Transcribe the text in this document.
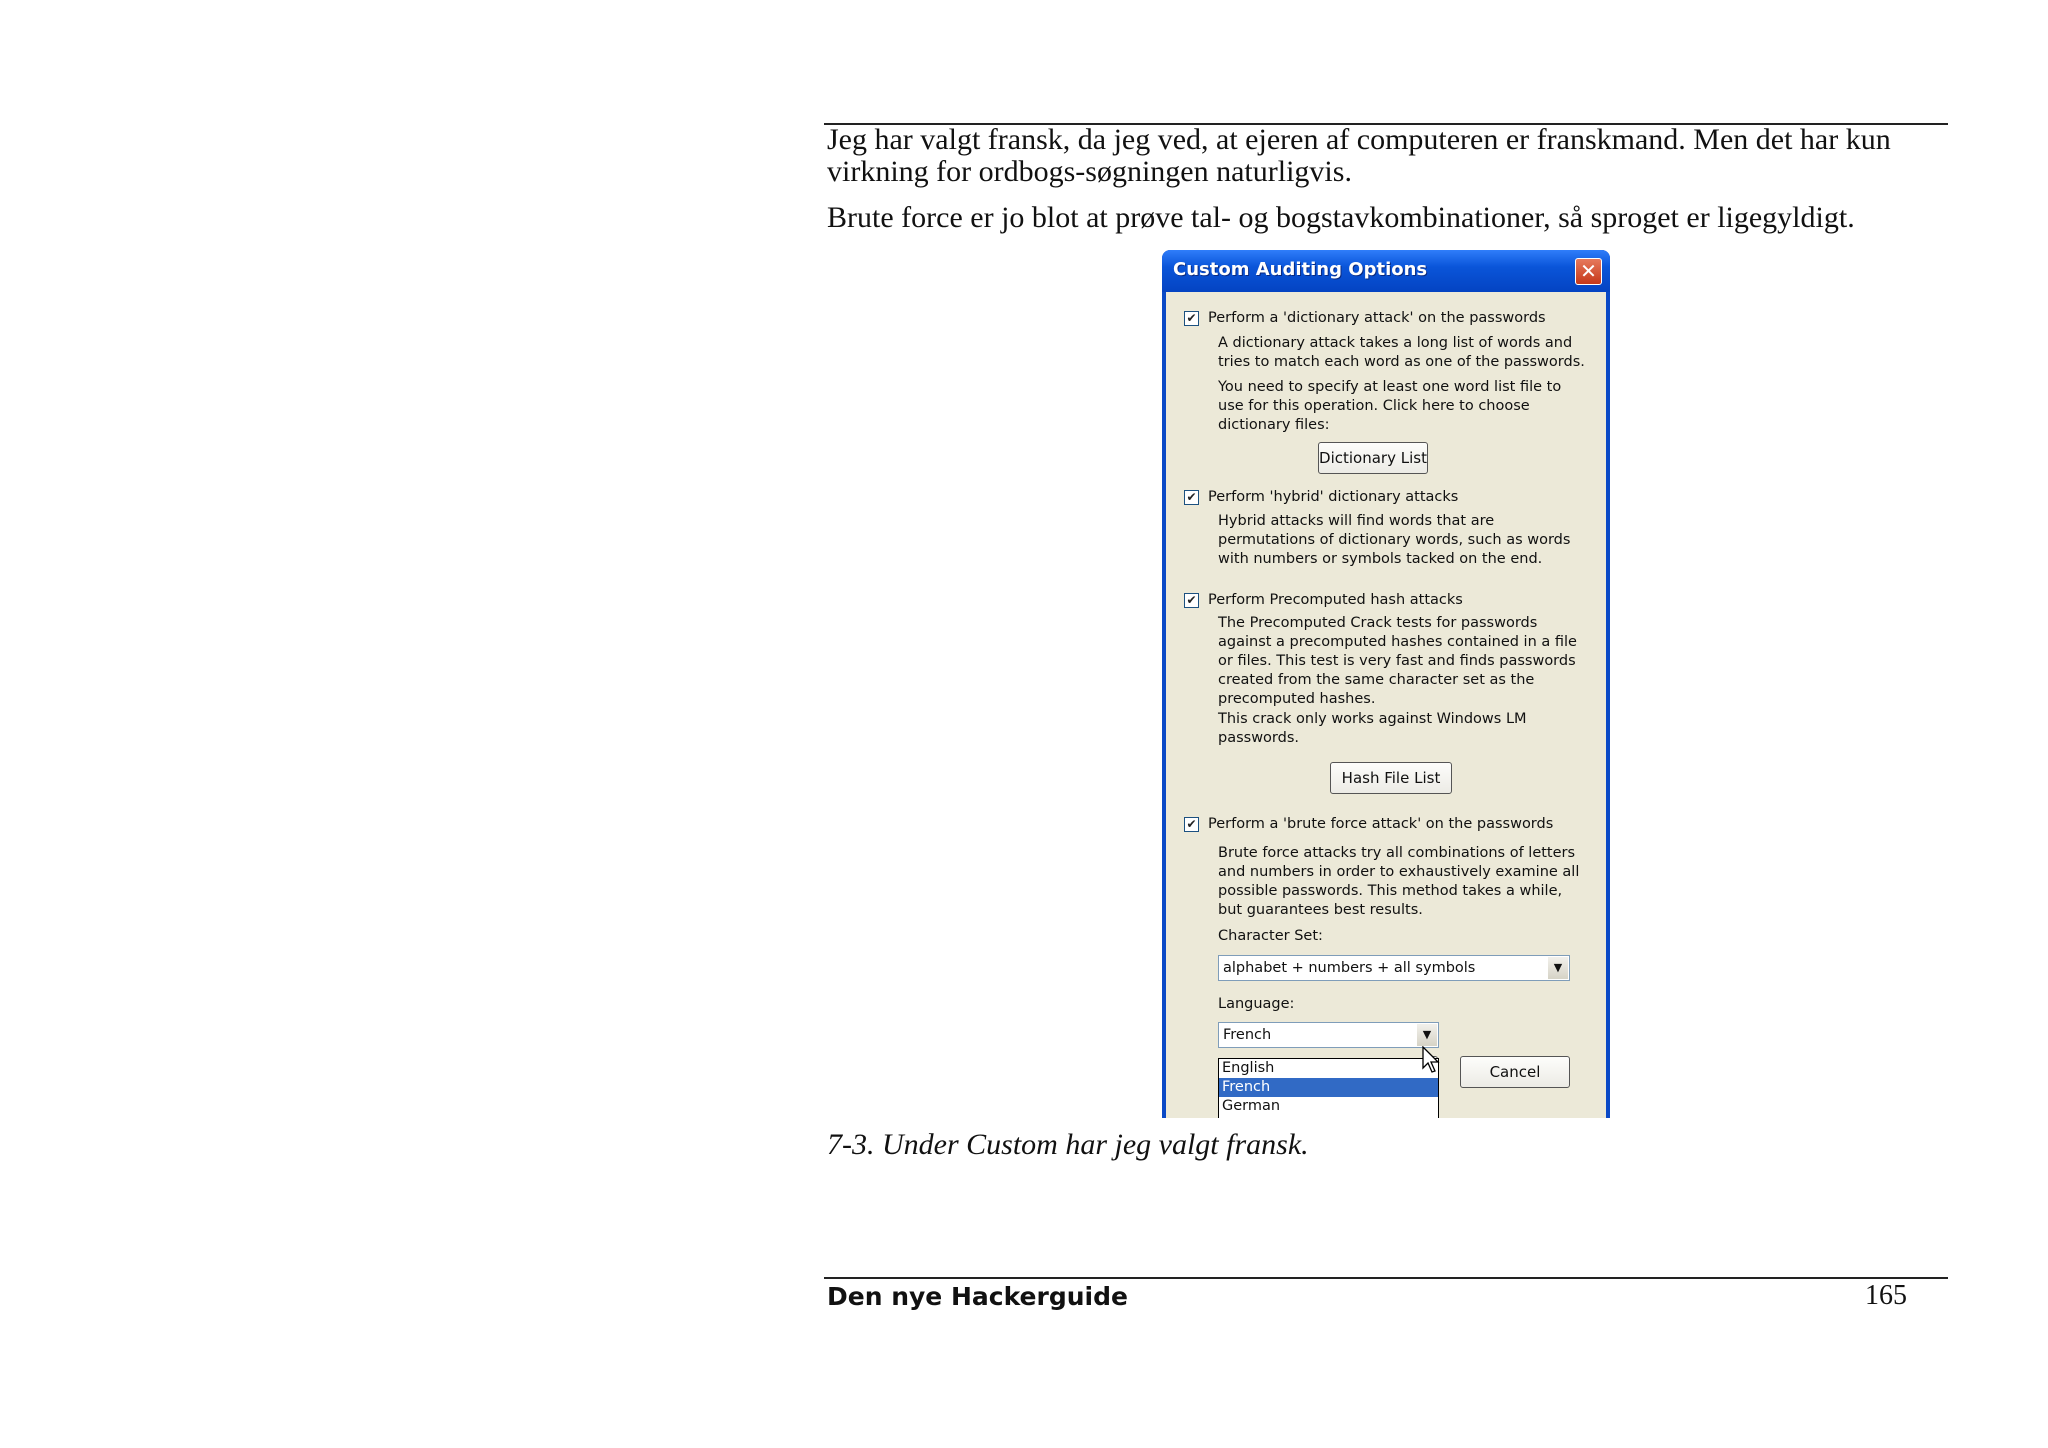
Jeg har valgt fransk, da jeg ved, at ejeren af computeren er franskmand. Men det har kun virkning for ordbogs-søgningen naturligvis.

Brute force er jo blot at prøve tal- og bogstavkombinationer, så sproget er ligegyldigt.

Custom Auditing Options	✕
✔ Perform a 'dictionary attack' on the passwords

A dictionary attack takes a long list of words and tries to match each word as one of the passwords.

You need to specify at least one word list file to use for this operation. Click here to choose dictionary files:

Dictionary List
✔ Perform 'hybrid' dictionary attacks

Hybrid attacks will find words that are permutations of dictionary words, such as words with numbers or symbols tacked on the end.

✔ Perform Precomputed hash attacks

The Precomputed Crack tests for passwords against a precomputed hashes contained in a file or files. This test is very fast and finds passwords created from the same character set as the precomputed hashes.

This crack only works against Windows LM passwords.

Hash File List
✔ Perform a 'brute force attack' on the passwords

Brute force attacks try all combinations of letters and numbers in order to exhaustively examine all possible passwords. This method takes a while, but guarantees best results.

Character Set:
alphabet + numbers + all symbols	▼
Language:
French	▼
Cancel
English
French
German

7-3. Under Custom har jeg valgt fransk.

Den nye Hackerguide	165
